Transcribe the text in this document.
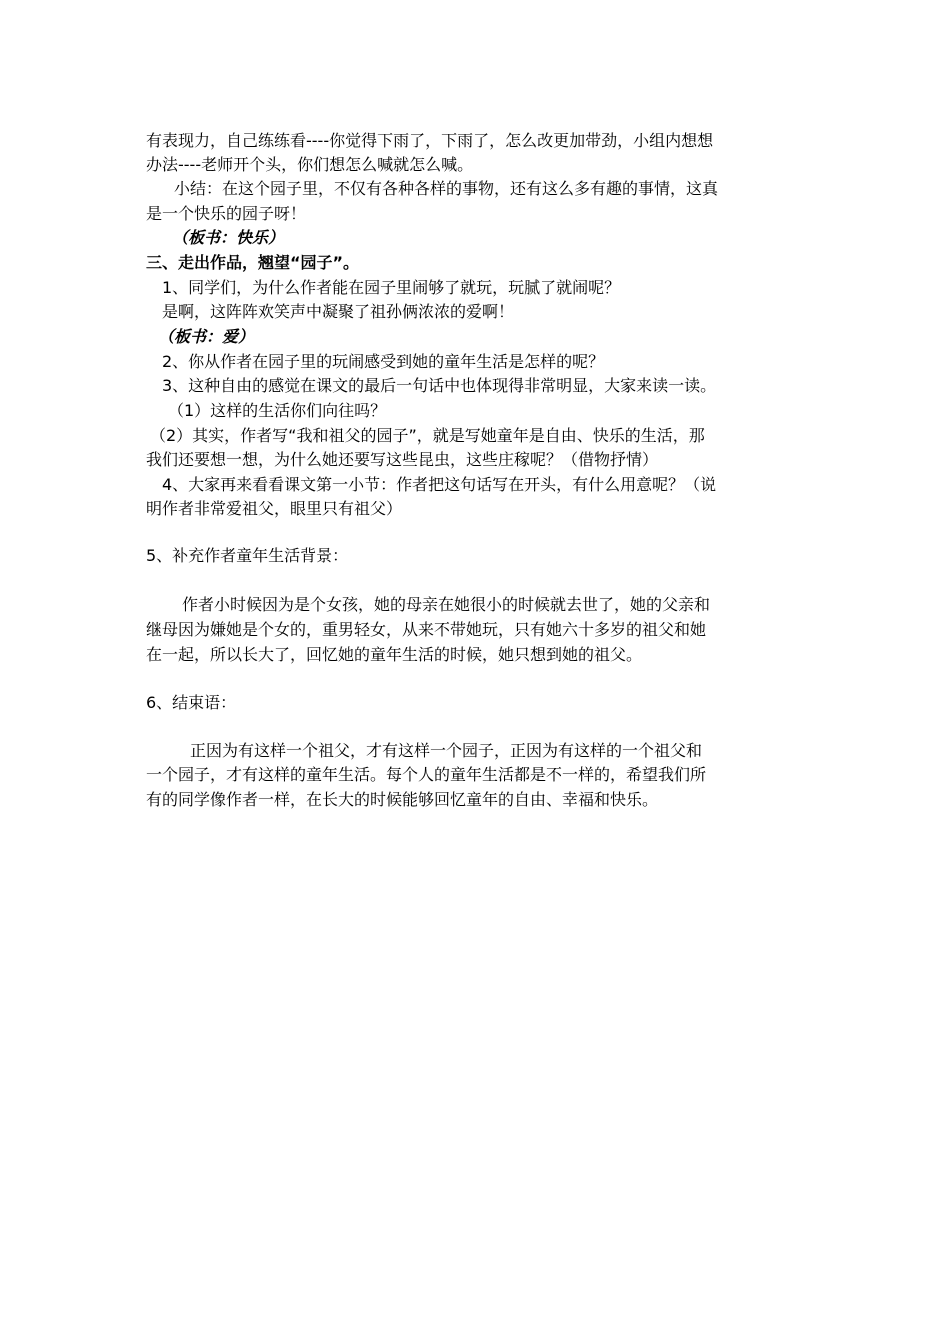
有表现力，自己练练看----你觉得下雨了，下雨了，怎么改更加带劲，小组内想想
办法----老师开个头，你们想怎么喊就怎么喊。
小结：在这个园子里，不仅有各种各样的事物，还有这么多有趣的事情，这真
是一个快乐的园子呀！
（板书：快乐）
三、走出作品，翘望“园子”。
1、同学们，为什么作者能在园子里闹够了就玩，玩腻了就闹呢？
是啊，这阵阵欢笑声中凝聚了祖孙俩浓浓的爱啊！
（板书：爱）
2、你从作者在园子里的玩闹感受到她的童年生活是怎样的呢？
3、这种自由的感觉在课文的最后一句话中也体现得非常明显，大家来读一读。
（1）这样的生活你们向往吗？
（2）其实，作者写“我和祖父的园子”，就是写她童年是自由、快乐的生活，那
我们还要想一想，为什么她还要写这些昆虫，这些庄稼呢？（借物抒情）
4、大家再来看看课文第一小节：作者把这句话写在开头，有什么用意呢？（说
明作者非常爱祖父，眼里只有祖父）
5、补充作者童年生活背景：
作者小时候因为是个女孩，她的母亲在她很小的时候就去世了，她的父亲和
继母因为嫌她是个女的，重男轻女，从来不带她玩，只有她六十多岁的祖父和她
在一起，所以长大了，回忆她的童年生活的时候，她只想到她的祖父。
6、结束语：
正因为有这样一个祖父，才有这样一个园子，正因为有这样的一个祖父和
一个园子，才有这样的童年生活。每个人的童年生活都是不一样的，希望我们所
有的同学像作者一样，在长大的时候能够回忆童年的自由、幸福和快乐。
